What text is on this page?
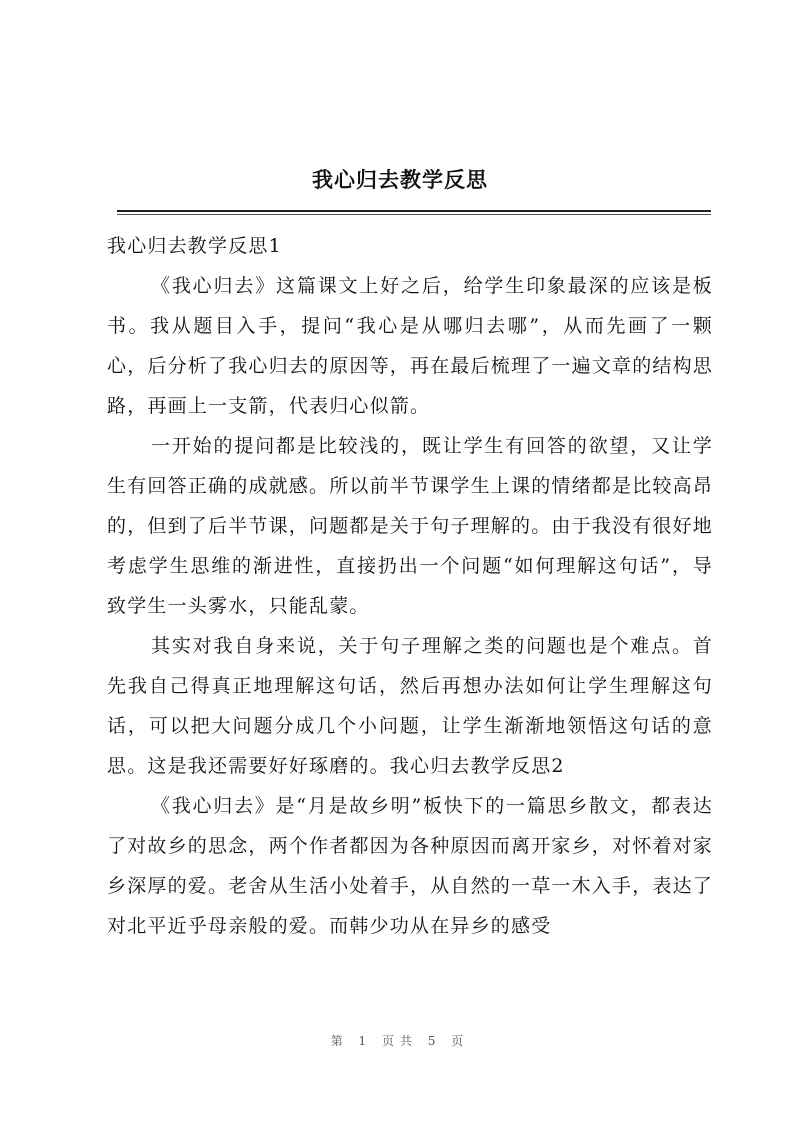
我心归去教学反思

我心归去教学反思1

《我心归去》这篇课文上好之后，给学生印象最深的应该是板书。我从题目入手，提问“我心是从哪归去哪”，从而先画了一颗心，后分析了我心归去的原因等，再在最后梳理了一遍文章的结构思路，再画上一支箭，代表归心似箭。

一开始的提问都是比较浅的，既让学生有回答的欲望，又让学生有回答正确的成就感。所以前半节课学生上课的情绪都是比较高昂的，但到了后半节课，问题都是关于句子理解的。由于我没有很好地考虑学生思维的渐进性，直接扔出一个问题“如何理解这句话”，导致学生一头雾水，只能乱蒙。

其实对我自身来说，关于句子理解之类的问题也是个难点。首先我自己得真正地理解这句话，然后再想办法如何让学生理解这句话，可以把大问题分成几个小问题，让学生渐渐地领悟这句话的意思。这是我还需要好好琢磨的。我心归去教学反思2

《我心归去》是“月是故乡明”板快下的一篇思乡散文，都表达了对故乡的思念，两个作者都因为各种原因而离开家乡，对怀着对家乡深厚的爱。老舍从生活小处着手，从自然的一草一木入手，表达了对北平近乎母亲般的爱。而韩少功从在异乡的感受

第 1 页共 5 页
